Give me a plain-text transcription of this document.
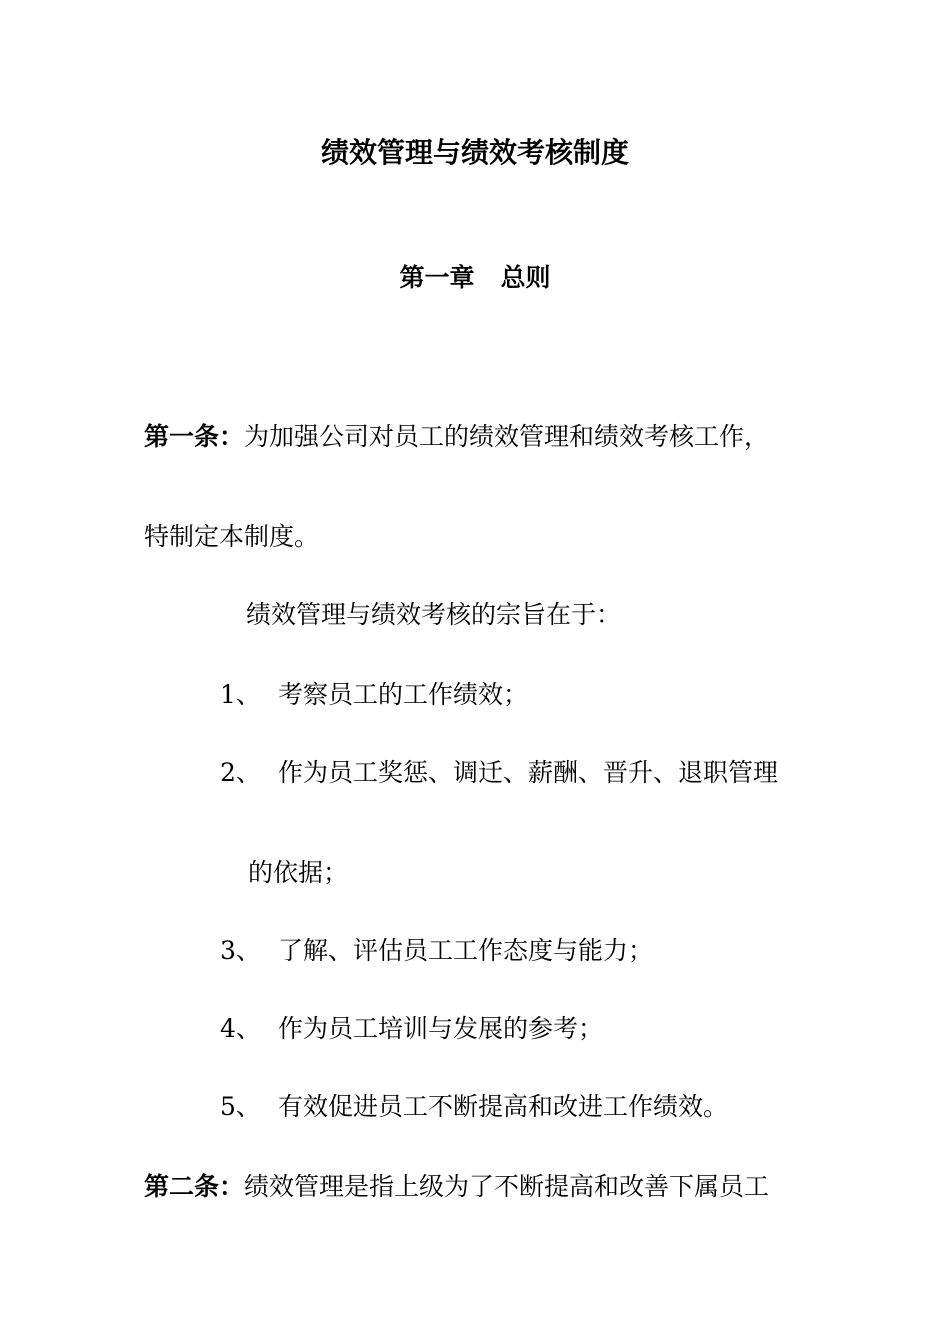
绩效管理与绩效考核制度
第一章 总则
第一条：为加强公司对员工的绩效管理和绩效考核工作，
特制定本制度。
绩效管理与绩效考核的宗旨在于：
1、 考察员工的工作绩效；
2、 作为员工奖惩、调迁、薪酬、晋升、退职管理
的依据；
3、 了解、评估员工工作态度与能力；
4、 作为员工培训与发展的参考；
5、 有效促进员工不断提高和改进工作绩效。
第二条：绩效管理是指上级为了不断提高和改善下属员工
